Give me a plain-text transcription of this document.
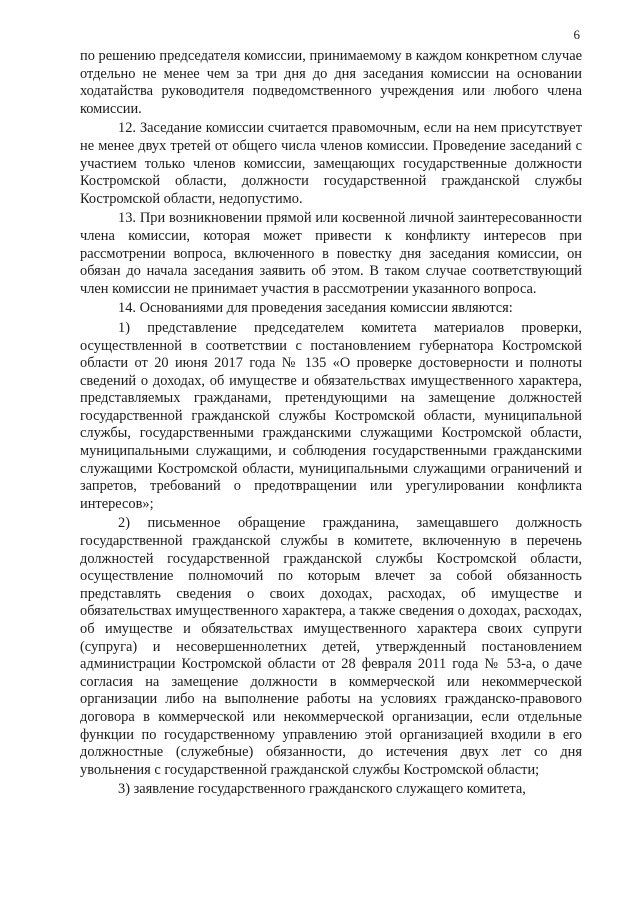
6

по решению председателя комиссии, принимаемому в каждом конкретном случае отдельно не менее чем за три дня до дня заседания комиссии на основании ходатайства руководителя подведомственного учреждения или любого члена комиссии.

12. Заседание комиссии считается правомочным, если на нем присутствует не менее двух третей от общего числа членов комиссии. Проведение заседаний с участием только членов комиссии, замещающих государственные должности Костромской области, должности государственной гражданской службы Костромской области, недопустимо.

13. При возникновении прямой или косвенной личной заинтересованности члена комиссии, которая может привести к конфликту интересов при рассмотрении вопроса, включенного в повестку дня заседания комиссии, он обязан до начала заседания заявить об этом. В таком случае соответствующий член комиссии не принимает участия в рассмотрении указанного вопроса.

14. Основаниями для проведения заседания комиссии являются:

1) представление председателем комитета материалов проверки, осуществленной в соответствии с постановлением губернатора Костромской области от 20 июня 2017 года № 135 «О проверке достоверности и полноты сведений о доходах, об имуществе и обязательствах имущественного характера, представляемых гражданами, претендующими на замещение должностей государственной гражданской службы Костромской области, муниципальной службы, государственными гражданскими служащими Костромской области, муниципальными служащими, и соблюдения государственными гражданскими служащими Костромской области, муниципальными служащими ограничений и запретов, требований о предотвращении или урегулировании конфликта интересов»;

2) письменное обращение гражданина, замещавшего должность государственной гражданской службы в комитете, включенную в перечень должностей государственной гражданской службы Костромской области, осуществление полномочий по которым влечет за собой обязанность представлять сведения о своих доходах, расходах, об имуществе и обязательствах имущественного характера, а также сведения о доходах, расходах, об имуществе и обязательствах имущественного характера своих супруги (супруга) и несовершеннолетних детей, утвержденный постановлением администрации Костромской области от 28 февраля 2011 года № 53-а, о даче согласия на замещение должности в коммерческой или некоммерческой организации либо на выполнение работы на условиях гражданско-правового договора в коммерческой или некоммерческой организации, если отдельные функции по государственному управлению этой организацией входили в его должностные (служебные) обязанности, до истечения двух лет со дня увольнения с государственной гражданской службы Костромской области;

3) заявление государственного гражданского служащего комитета,
